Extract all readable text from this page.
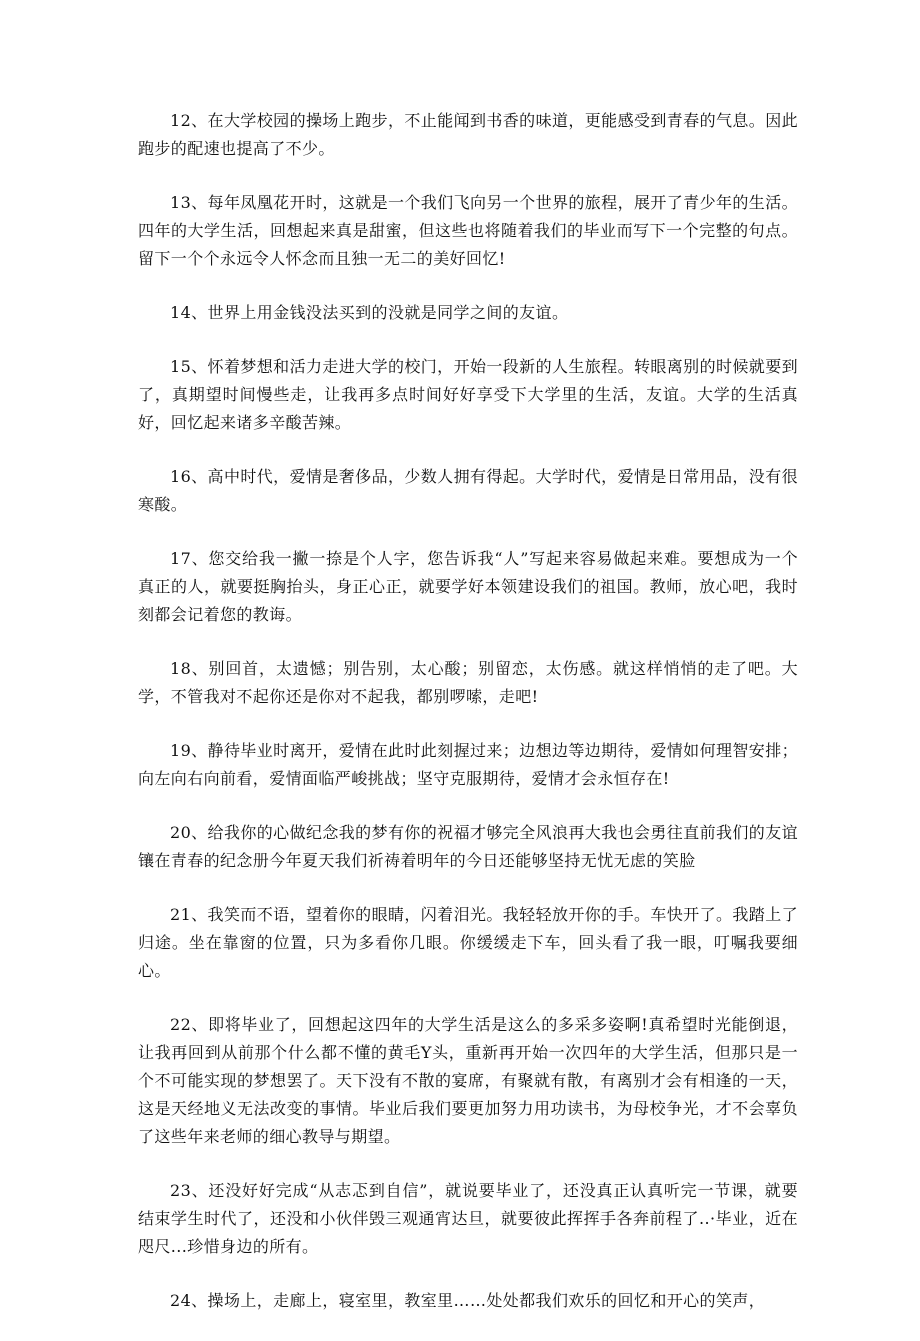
12、在大学校园的操场上跑步，不止能闻到书香的味道，更能感受到青春的气息。因此跑步的配速也提高了不少。

13、每年凤凰花开时，这就是一个我们飞向另一个世界的旅程，展开了青少年的生活。四年的大学生活，回想起来真是甜蜜，但这些也将随着我们的毕业而写下一个完整的句点。留下一个个永远令人怀念而且独一无二的美好回忆!

14、世界上用金钱没法买到的没就是同学之间的友谊。

15、怀着梦想和活力走进大学的校门，开始一段新的人生旅程。转眼离别的时候就要到了，真期望时间慢些走，让我再多点时间好好享受下大学里的生活，友谊。大学的生活真好，回忆起来诸多辛酸苦辣。

16、高中时代，爱情是奢侈品，少数人拥有得起。大学时代，爱情是日常用品，没有很寒酸。

17、您交给我一撇一捺是个人字，您告诉我“人”写起来容易做起来难。要想成为一个真正的人，就要挺胸抬头，身正心正，就要学好本领建设我们的祖国。教师，放心吧，我时刻都会记着您的教诲。

18、别回首，太遗憾；别告别，太心酸；别留恋，太伤感。就这样悄悄的走了吧。大学，不管我对不起你还是你对不起我，都别啰嗦，走吧!

19、静待毕业时离开，爱情在此时此刻握过来；边想边等边期待，爱情如何理智安排；向左向右向前看，爱情面临严峻挑战；坚守克服期待，爱情才会永恒存在!

20、给我你的心做纪念我的梦有你的祝福才够完全风浪再大我也会勇往直前我们的友谊镶在青春的纪念册今年夏天我们祈祷着明年的今日还能够坚持无忧无虑的笑脸

21、我笑而不语，望着你的眼睛，闪着泪光。我轻轻放开你的手。车快开了。我踏上了归途。坐在靠窗的位置，只为多看你几眼。你缓缓走下车，回头看了我一眼，叮嘱我要细心。

22、即将毕业了，回想起这四年的大学生活是这么的多采多姿啊!真希望时光能倒退，让我再回到从前那个什么都不懂的黄毛Y头，重新再开始一次四年的大学生活，但那只是一个不可能实现的梦想罢了。天下没有不散的宴席，有聚就有散，有离别才会有相逢的一天，这是天经地义无法改变的事情。毕业后我们要更加努力用功读书，为母校争光，才不会辜负了这些年来老师的细心教导与期望。

23、还没好好完成“从志忑到自信”，就说要毕业了，还没真正认真听完一节课，就要结束学生时代了，还没和小伙伴毁三观通宵达旦，就要彼此挥挥手各奔前程了..·毕业，近在咫尺...珍惜身边的所有。

24、操场上，走廊上，寝室里，教室里……处处都我们欢乐的回忆和开心的笑声，
